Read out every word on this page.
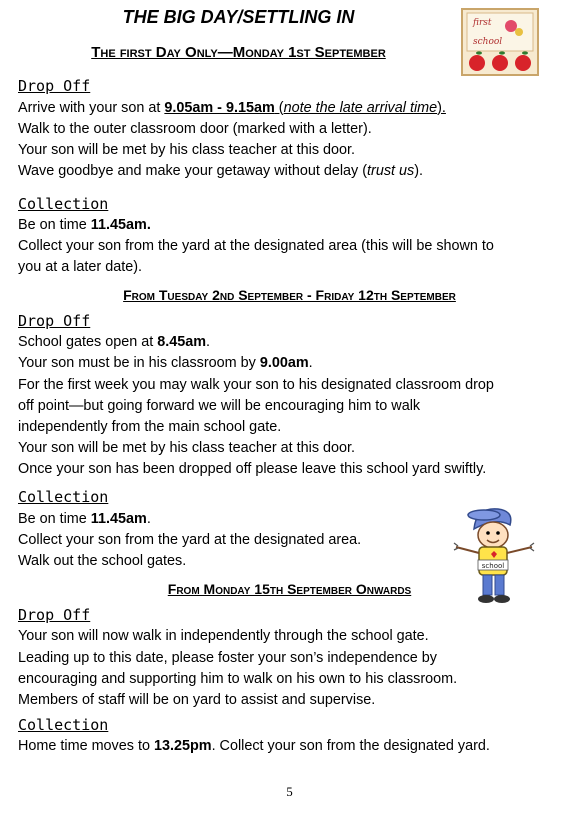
THE BIG DAY/SETTLING IN	first
school
The first Day Only—Monday 1st September
Drop Off
Arrive with your son at 9.05am - 9.15am (note the late arrival time).
Walk to the outer classroom door (marked with a letter).
Your son will be met by his class teacher at this door.
Wave goodbye and make your getaway without delay (trust us).
Collection
Be on time 11.45am.
Collect your son from the yard at the designated area (this will be shown to
you at a later date).
From Tuesday 2nd September - Friday 12th September
Drop Off
School gates open at 8.45am.
Your son must be in his classroom by 9.00am.
For the first week you may walk your son to his designated classroom drop
off point—but going forward we will be encouraging him to walk
independently from the main school gate.
Your son will be met by his class teacher at this door.
Once your son has been dropped off please leave this school yard swiftly.
Collection
Be on time 11.45am.
Collect your son from the yard at the designated area.
Walk out the school gates.	school
From Monday 15th September Onwards
Drop Off
Your son will now walk in independently through the school gate.
Leading up to this date, please foster your son’s independence by
encouraging and supporting him to walk on his own to his classroom.
Members of staff will be on yard to assist and supervise.
Collection
Home time moves to 13.25pm. Collect your son from the designated yard.
5
